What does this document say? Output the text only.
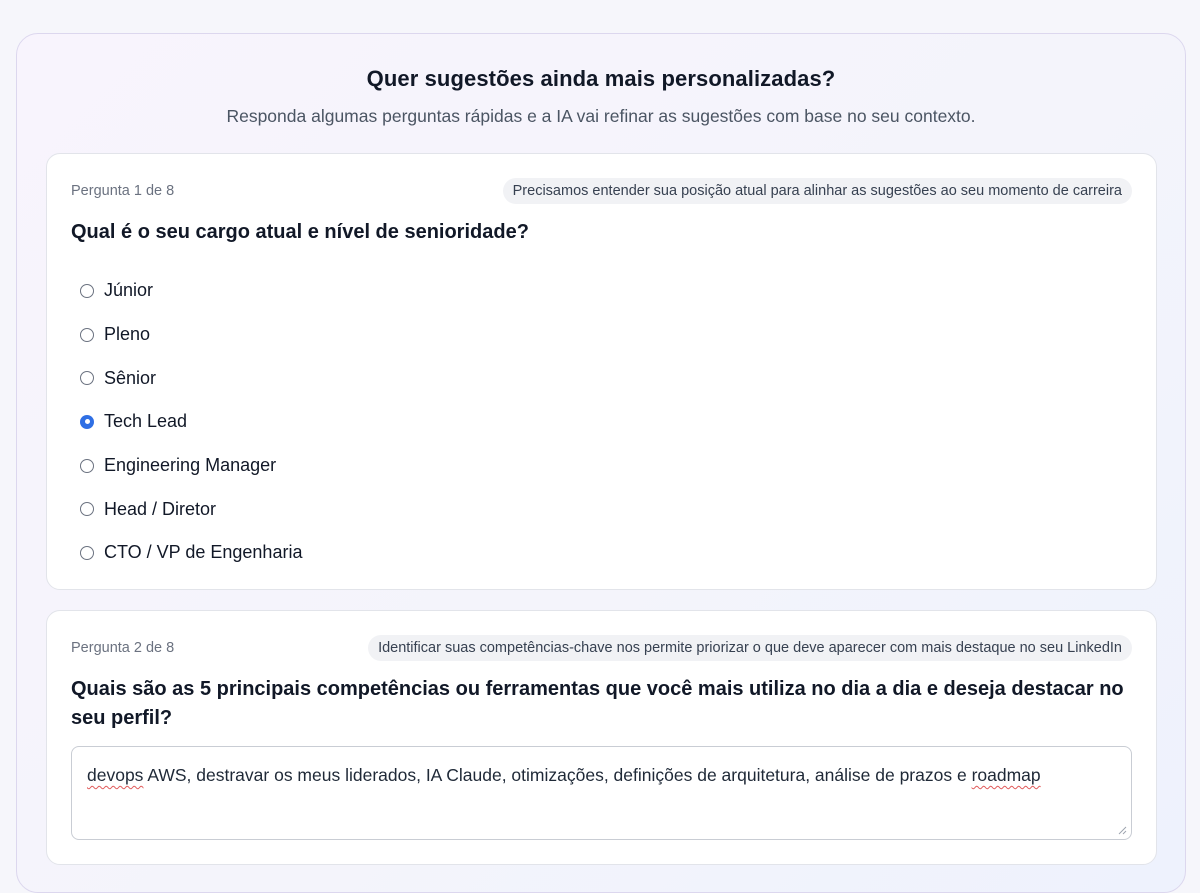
Quer sugestões ainda mais personalizadas?

Responda algumas perguntas rápidas e a IA vai refinar as sugestões com base no seu contexto.

Pergunta 1 de 8	Precisamos entender sua posição atual para alinhar as sugestões ao seu momento de carreira
Qual é o seu cargo atual e nível de senioridade?
Júnior
Pleno
Sênior
Tech Lead
Engineering Manager
Head / Diretor
CTO / VP de Engenharia
Pergunta 2 de 8	Identificar suas competências-chave nos permite priorizar o que deve aparecer com mais destaque no seu LinkedIn
Quais são as 5 principais competências ou ferramentas que você mais utiliza no dia a dia e deseja destacar no seu perfil?
devops AWS, destravar os meus liderados, IA Claude, otimizações, definições de arquitetura, análise de prazos e roadmap
